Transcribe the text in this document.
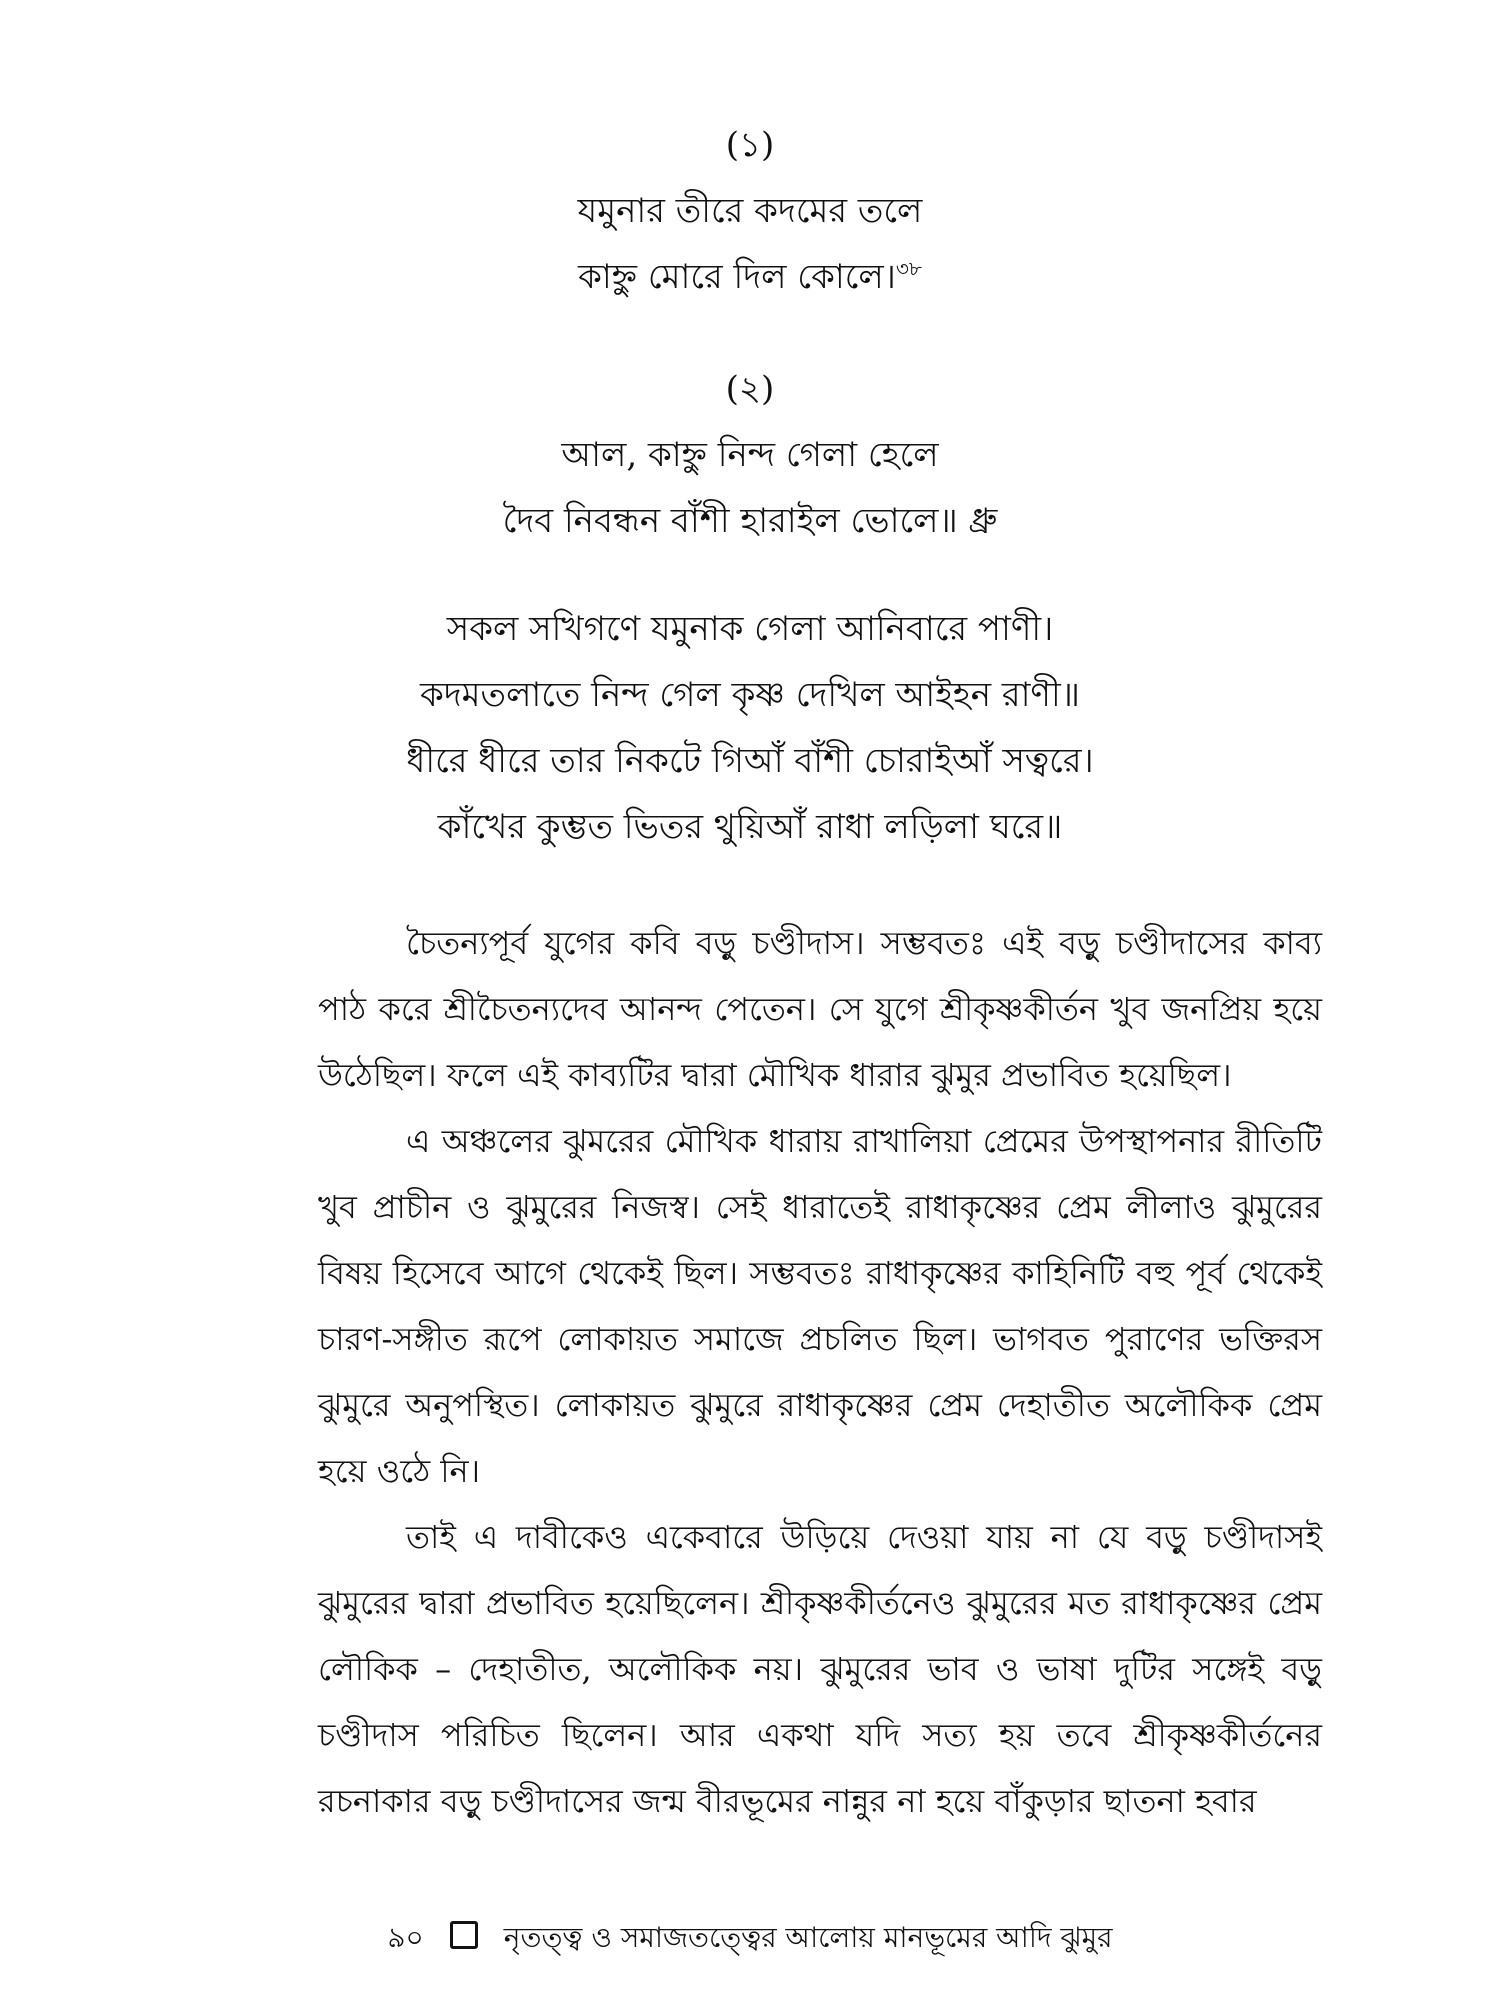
(১)
যমুনার তীরে কদমের তলে
কাহ্নু মোরে দিল কোলে।$^{৩৮}$
(২)
আল, কাহ্নু নিন্দ গেলা হেলে
দৈব নিবন্ধন বাঁশী হারাইল ভোলে॥ ধ্রু
সকল সখিগণে যমুনাক গেলা আনিবারে পাণী।
কদমতলাতে নিন্দ গেল কৃষ্ণ দেখিল আইহন রাণী॥
ধীরে ধীরে তার নিকটে গিআঁ বাঁশী চোরাইআঁ সত্বরে।
কাঁখের কুম্ভত ভিতর থুয়িআঁ রাধা লড়িলা ঘরে॥

চৈতন্যপূর্ব যুগের কবি বড়ু চণ্ডীদাস। সম্ভবতঃ এই বড়ু চণ্ডীদাসের কাব্য পাঠ করে শ্রীচৈতন্যদেব আনন্দ পেতেন। সে যুগে শ্রীকৃষ্ণকীর্তন খুব জনপ্রিয় হয়ে উঠেছিল। ফলে এই কাব্যটির দ্বারা মৌখিক ধারার ঝুমুর প্রভাবিত হয়েছিল।

এ অঞ্চলের ঝুমরের মৌখিক ধারায় রাখালিয়া প্রেমের উপস্থাপনার রীতিটি খুব প্রাচীন ও ঝুমুরের নিজস্ব। সেই ধারাতেই রাধাকৃষ্ণের প্রেম লীলাও ঝুমুরের বিষয় হিসেবে আগে থেকেই ছিল। সম্ভবতঃ রাধাকৃষ্ণের কাহিনিটি বহু পূর্ব থেকেই চারণ-সঙ্গীত রূপে লোকায়ত সমাজে প্রচলিত ছিল। ভাগবত পুরাণের ভক্তিরস ঝুমুরে অনুপস্থিত। লোকায়ত ঝুমুরে রাধাকৃষ্ণের প্রেম দেহাতীত অলৌকিক প্রেম হয়ে ওঠে নি।

তাই এ দাবীকেও একেবারে উড়িয়ে দেওয়া যায় না যে বড়ু চণ্ডীদাসই ঝুমুরের দ্বারা প্রভাবিত হয়েছিলেন। শ্রীকৃষ্ণকীর্তনেও ঝুমুরের মত রাধাকৃষ্ণের প্রেম লৌকিক – দেহাতীত, অলৌকিক নয়। ঝুমুরের ভাব ও ভাষা দুটির সঙ্গেই বড়ু চণ্ডীদাস পরিচিত ছিলেন। আর একথা যদি সত্য হয় তবে শ্রীকৃষ্ণকীর্তনের রচনাকার বড়ু চণ্ডীদাসের জন্ম বীরভূমের নান্নুর না হয়ে বাঁকুড়ার ছাতনা হবার

৯০	নৃতত্ত্ব ও সমাজতত্ত্বের আলোয় মানভূমের আদি ঝুমুর
